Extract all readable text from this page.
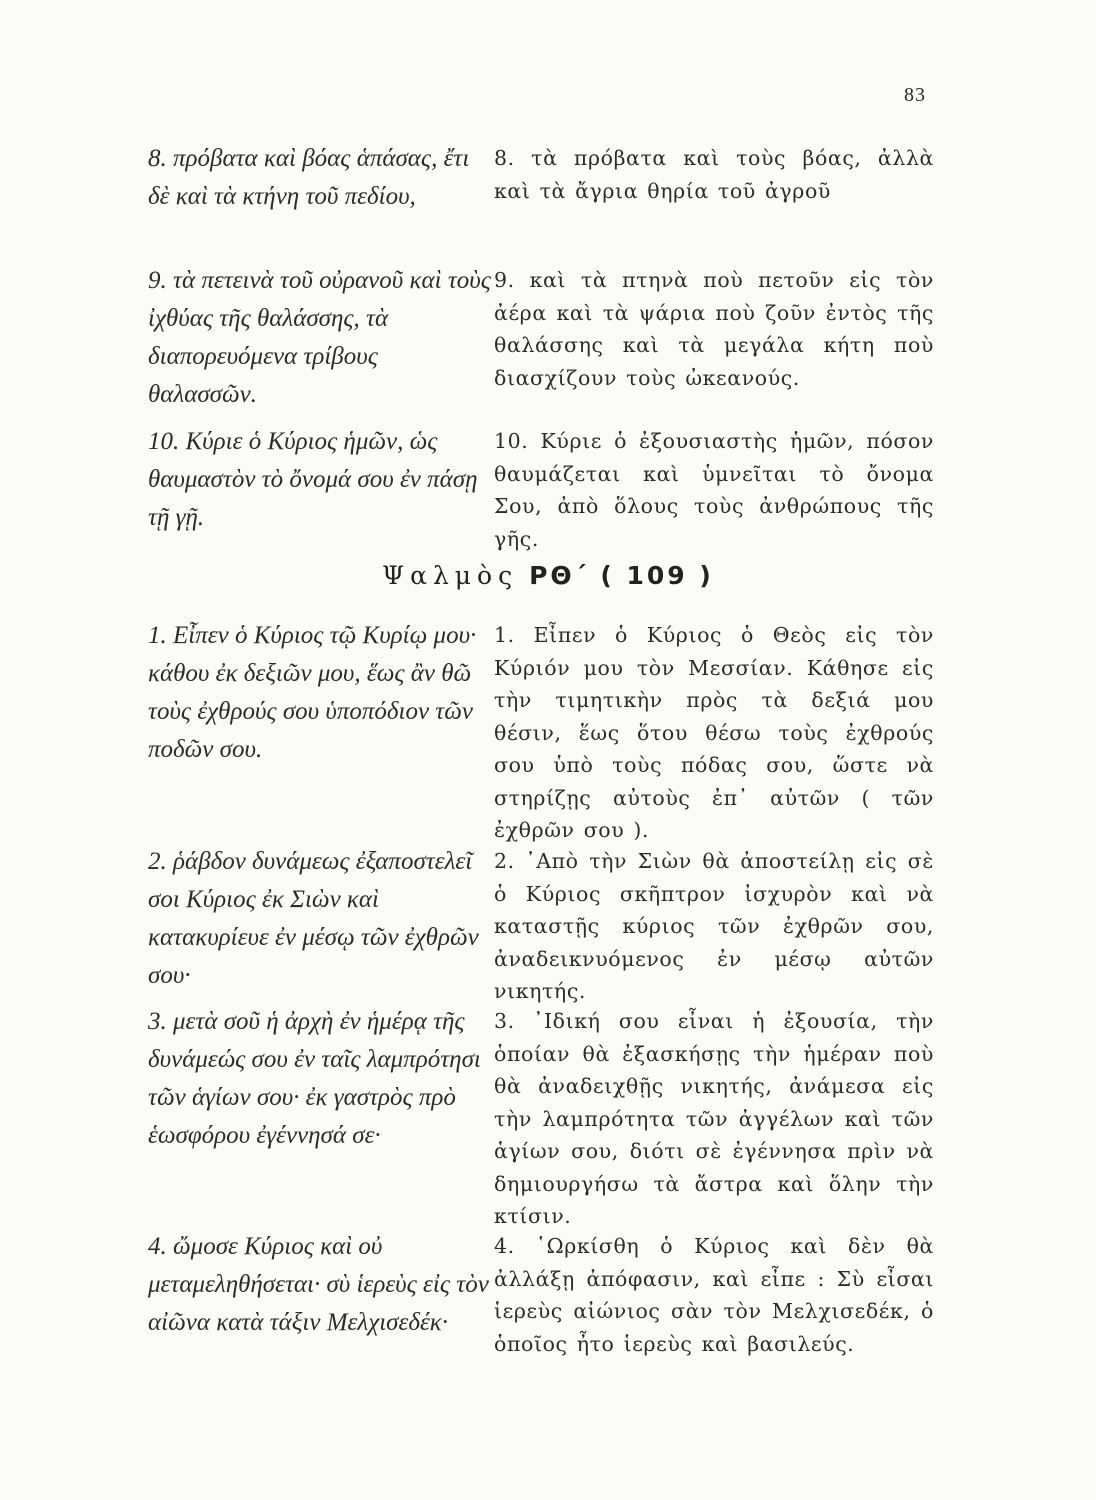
83
Ψαλμὸς ΡΘ΄ ( 109 )
8. πρόβατα καὶ βόας ἁπάσας, ἔτι δὲ καὶ τὰ κτήνη τοῦ πεδίου,
8. τὰ πρόβατα καὶ τοὺς βόας, ἀλλὰ καὶ τὰ ἄγρια θηρία τοῦ ἀγροῦ
9. τὰ πετεινὰ τοῦ οὐρανοῦ καὶ τοὺς ἰχθύας τῆς θαλάσσης, τὰ διαπορευόμενα τρίβους θαλασσῶν.
9. καὶ τὰ πτηνὰ ποὺ πετοῦν εἰς τὸν ἀέρα καὶ τὰ ψάρια ποὺ ζοῦν ἐντὸς τῆς θαλάσσης καὶ τὰ μεγάλα κήτη ποὺ διασχίζουν τοὺς ὠκεανούς.
10. Κύριε ὁ Κύριος ἡμῶν, ὡς θαυμαστὸν τὸ ὄνομά σου ἐν πάσῃ τῇ γῇ.
10. Κύριε ὁ ἐξουσιαστὴς ἡμῶν, πόσον θαυμάζεται καὶ ὑμνεῖται τὸ ὄνομα Σου, ἀπὸ ὅλους τοὺς ἀνθρώπους τῆς γῆς.
1. Εἶπεν ὁ Κύριος τῷ Κυρίῳ μου· κάθου ἐκ δεξιῶν μου, ἕως ἂν θῶ τοὺς ἐχθρούς σου ὑποπόδιον τῶν ποδῶν σου.
1. Εἶπεν ὁ Κύριος ὁ Θεὸς εἰς τὸν Κύριόν μου τὸν Μεσσίαν. Κάθησε εἰς τὴν τιμητικὴν πρὸς τὰ δεξιά μου θέσιν, ἕως ὅτου θέσω τοὺς ἐχθρούς σου ὑπὸ τοὺς πόδας σου, ὥστε νὰ στηρίζῃς αὐτοὺς ἐπ᾽ αὐτῶν ( τῶν ἐχθρῶν σου ).
2. ῥάβδον δυνάμεως ἐξαποστελεῖ σοι Κύριος ἐκ Σιὼν καὶ κατακυρίευε ἐν μέσῳ τῶν ἐχθρῶν σου·
2. ᾿Απὸ τὴν Σιὼν θὰ ἀποστείλῃ εἰς σὲ ὁ Κύριος σκῆπτρον ἰσχυρὸν καὶ νὰ καταστῇς κύριος τῶν ἐχθρῶν σου, ἀναδεικνυόμενος ἐν μέσῳ αὐτῶν νικητής.
3. μετὰ σοῦ ἡ ἀρχὴ ἐν ἡμέρᾳ τῆς δυνάμεώς σου ἐν ταῖς λαμπρότησι τῶν ἁγίων σου· ἐκ γαστρὸς πρὸ ἑωσφόρου ἐγέννησά σε·
3. ᾿Ιδική σου εἶναι ἡ ἐξουσία, τὴν ὁποίαν θὰ ἐξασκήσῃς τὴν ἡμέραν ποὺ θὰ ἀναδειχθῇς νικητής, ἀνάμεσα εἰς τὴν λαμπρότητα τῶν ἀγγέλων καὶ τῶν ἁγίων σου, διότι σὲ ἐγέννησα πρὶν νὰ δημιουργήσω τὰ ἄστρα καὶ ὅλην τὴν κτίσιν.
4. ὤμοσε Κύριος καὶ οὐ μεταμεληθήσεται· σὺ ἱερεὺς εἰς τὸν αἰῶνα κατὰ τάξιν Μελχισεδέκ·
4. ῾Ωρκίσθη ὁ Κύριος καὶ δὲν θὰ ἀλλάξῃ ἀπόφασιν, καὶ εἶπε : Σὺ εἶσαι ἱερεὺς αἰώνιος σὰν τὸν Μελχισεδέκ, ὁ ὁποῖος ἦτο ἱερεὺς καὶ βασιλεύς.
